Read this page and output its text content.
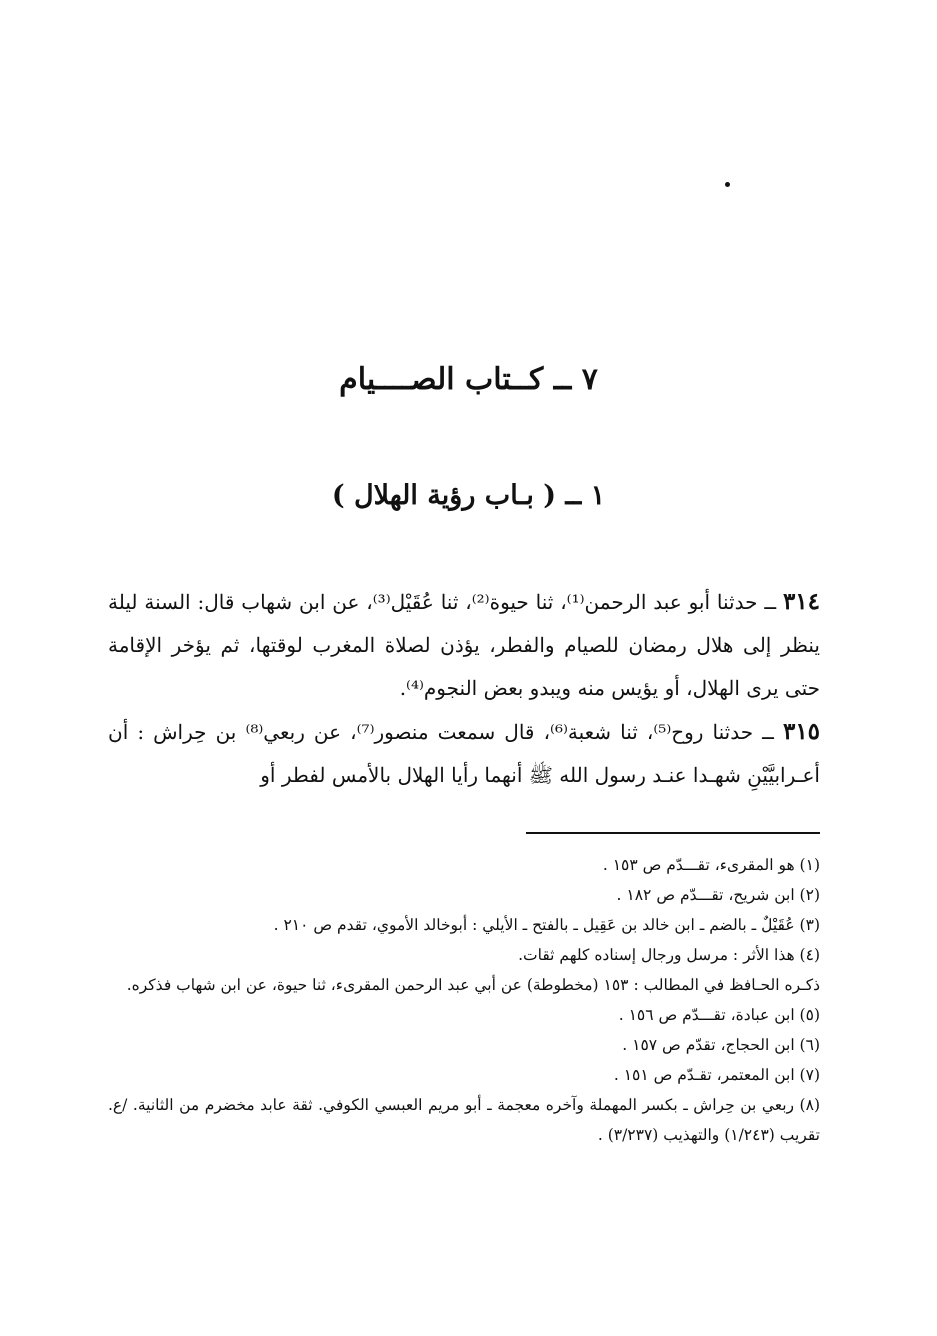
٧ ــ كــتاب الصــــيام
١ ــ ( بـاب رؤية الهلال )

٣١٤ ــ حدثنا أبو عبد الرحمن⁽¹⁾، ثنا حيوة⁽²⁾، ثنا عُقَيْل⁽³⁾، عن ابن شهاب قال: السنة ليلة ينظر إلى هلال رمضان للصيام والفطر، يؤذن لصلاة المغرب لوقتها، ثم يؤخر الإقامة حتى يرى الهلال، أو يؤيس منه ويبدو بعض النجوم⁽⁴⁾.

٣١٥ ــ حدثنا روح⁽⁵⁾، ثنا شعبة⁽⁶⁾، قال سمعت منصور⁽⁷⁾، عن ربعي⁽⁸⁾ بن حِراش : أن أعـرابيَّيْنِ شهـدا عنـد رسول الله ﷺ أنهما رأيا الهلال بالأمس لفطر أو

(١) هو المقرىء، تقـــدّم ص ١٥٣ .

(٢) ابن شريح، تقـــدّم ص ١٨٢ .

(٣) عُقَيْلٌ ـ بالضم ـ ابن خالد بن عَقِيل ـ بالفتح ـ الأيلي : أبوخالد الأموي، تقدم ص ٢١٠ .

(٤) هذا الأثر : مرسل ورجال إسناده كلهم ثقات.

ذكـره الحـافظ في المطالب : ١٥٣ (مخطوطة) عن أبي عبد الرحمن المقرىء، ثنا حيوة، عن ابن شهاب فذكره.

(٥) ابن عبادة، تقـــدّم ص ١٥٦ .

(٦) ابن الحجاج، تقدّم ص ١٥٧ .

(٧) ابن المعتمر، تقـدّم ص ١٥١ .

(٨) ربعي بن حِراش ـ بكسر المهملة وآخره معجمة ـ أبو مريم العبسي الكوفي. ثقة عابد مخضرم من الثانية. /ع. تقريب (١/٢٤٣) والتهذيب (٣/٢٣٧) .
